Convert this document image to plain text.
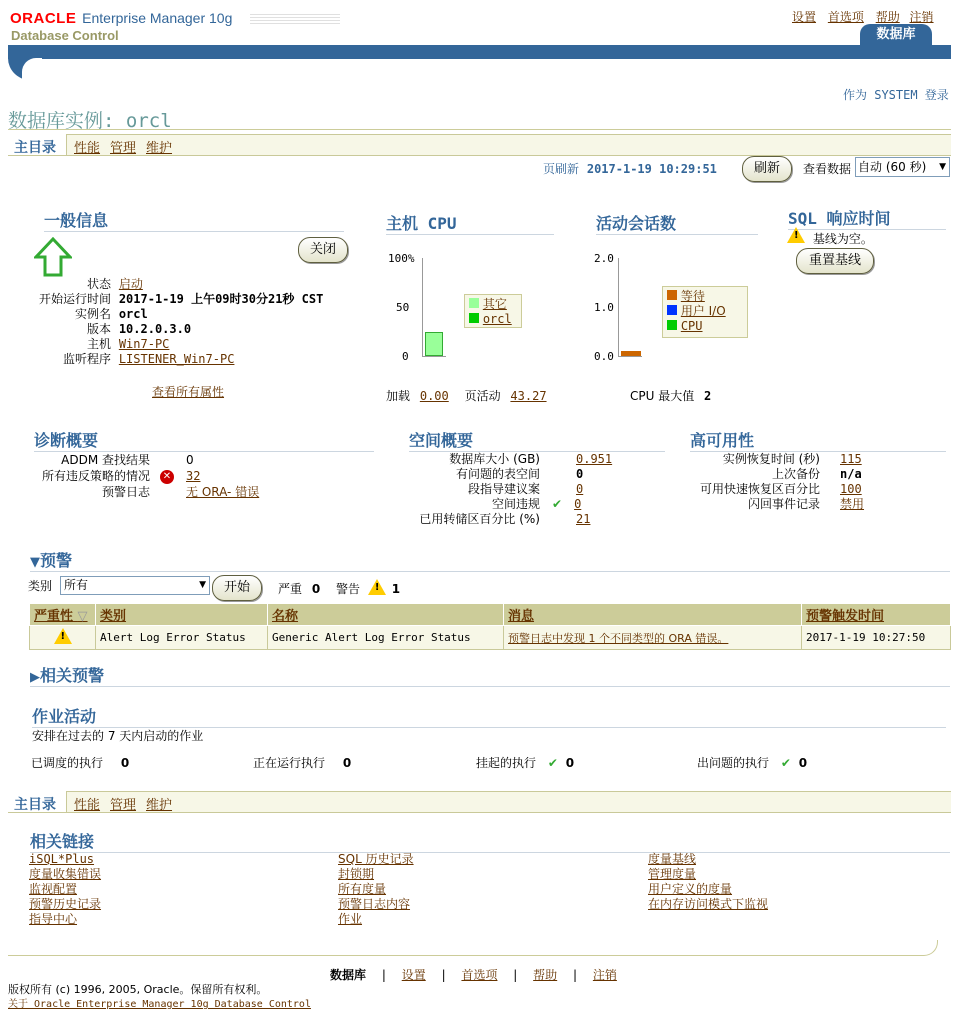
ORACLE Enterprise Manager 10g
Database Control
设置 首选项 帮助 注销
数据库
作为 SYSTEM 登录
数据库实例: orcl
主目录 性能 管理 维护
页刷新 2017-1-19 10:29:51	刷新	查看数据 自动 (60 秒) ▼
一般信息
关闭
状态 启动
开始运行时间 2017-1-19 上午09时30分21秒 CST
实例名 orcl
版本 10.2.0.3.0
主机 Win7-PC
监听程序 LISTENER_Win7-PC
查看所有属性
主机 CPU
100%
50
0
其它
orcl
加载 0.00 页活动 43.27
活动会话数
2.0
1.0
0.0
等待
用户 I/O
CPU
CPU 最大值 2
SQL 响应时间
! 基线为空。
重置基线
诊断概要
ADDM 查找结果	0
所有违反策略的情况 ✕ 32
预警日志	无 ORA- 错误
空间概要
数据库大小 (GB)	0.951
有问题的表空间	0
段指导建议案	0
空间违规 ✔ 0
已用转储区百分比 (%)	21
高可用性
实例恢复时间 (秒) 115
上次备份 n/a
可用快速恢复区百分比 100
闪回事件记录 禁用
▼预警
类别 所有	▼	开始	严重 0 警告 ! 1
严重性 ▽	类别	名称	消息	预警触发时间

!	Alert Log Error Status	Generic Alert Log Error Status	预警日志中发现 1 个不同类型的 ORA 错误。	2017-1-19 10:27:50
▶相关预警
作业活动
安排在过去的 7 天内启动的作业
已调度的执行 0	正在运行执行 0	挂起的执行 ✔ 0	出问题的执行 ✔ 0
主目录 性能 管理 维护
相关链接
iSQL*Plus
度量收集错误
监视配置
预警历史记录
指导中心
SQL 历史记录
封锁期
所有度量
预警日志内容
作业
度量基线
管理度量
用户定义的度量
在内存访问模式下监视
数据库 | 设置 | 首选项 | 帮助 | 注销
版权所有 (c) 1996, 2005, Oracle。保留所有权利。
关于 Oracle Enterprise Manager 10g Database Control
